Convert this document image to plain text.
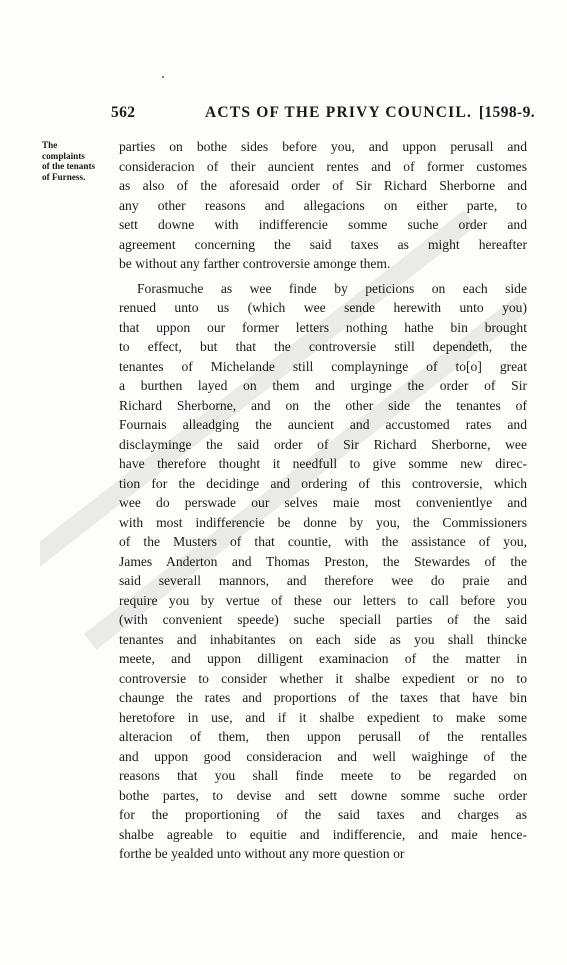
562	ACTS OF THE PRIVY COUNCIL. [1598-9.
The
complaints
of the tenants
of Furness.

parties on bothe sides before you, and uppon perusall and
consideracion of their auncient rentes and of former customes
as also of the aforesaid order of Sir Richard Sherborne and
any other reasons and allegacions on either parte, to
sett downe with indifferencie somme suche order and
agreement concerning the said taxes as might hereafter
be without any farther controversie amonge them.

Forasmuche as wee finde by peticions on each side
renued unto us (which wee sende herewith unto you)
that uppon our former letters nothing hathe bin brought
to effect, but that the controversie still dependeth, the
tenantes of Michelande still complayninge of to[o] great
a burthen layed on them and urginge the order of Sir
Richard Sherborne, and on the other side the tenantes of
Fournais alleadging the auncient and accustomed rates and
disclayminge the said order of Sir Richard Sherborne, wee
have therefore thought it needfull to give somme new direc-
tion for the decidinge and ordering of this controversie, which
wee do perswade our selves maie most convenientlye and
with most indifferencie be donne by you, the Commissioners
of the Musters of that countie, with the assistance of you,
James Anderton and Thomas Preston, the Stewardes of the
said severall mannors, and therefore wee do praie and
require you by vertue of these our letters to call before you
(with convenient speede) suche speciall parties of the said
tenantes and inhabitantes on each side as you shall thincke
meete, and uppon dilligent examinacion of the matter in
controversie to consider whether it shalbe expedient or no to
chaunge the rates and proportions of the taxes that have bin
heretofore in use, and if it shalbe expedient to make some
alteracion of them, then uppon perusall of the rentalles
and uppon good consideracion and well waighinge of the
reasons that you shall finde meete to be regarded on
bothe partes, to devise and sett downe somme suche order
for the proportioning of the said taxes and charges as
shalbe agreable to equitie and indifferencie, and maie hence-
forthe be yealded unto without any more question or
